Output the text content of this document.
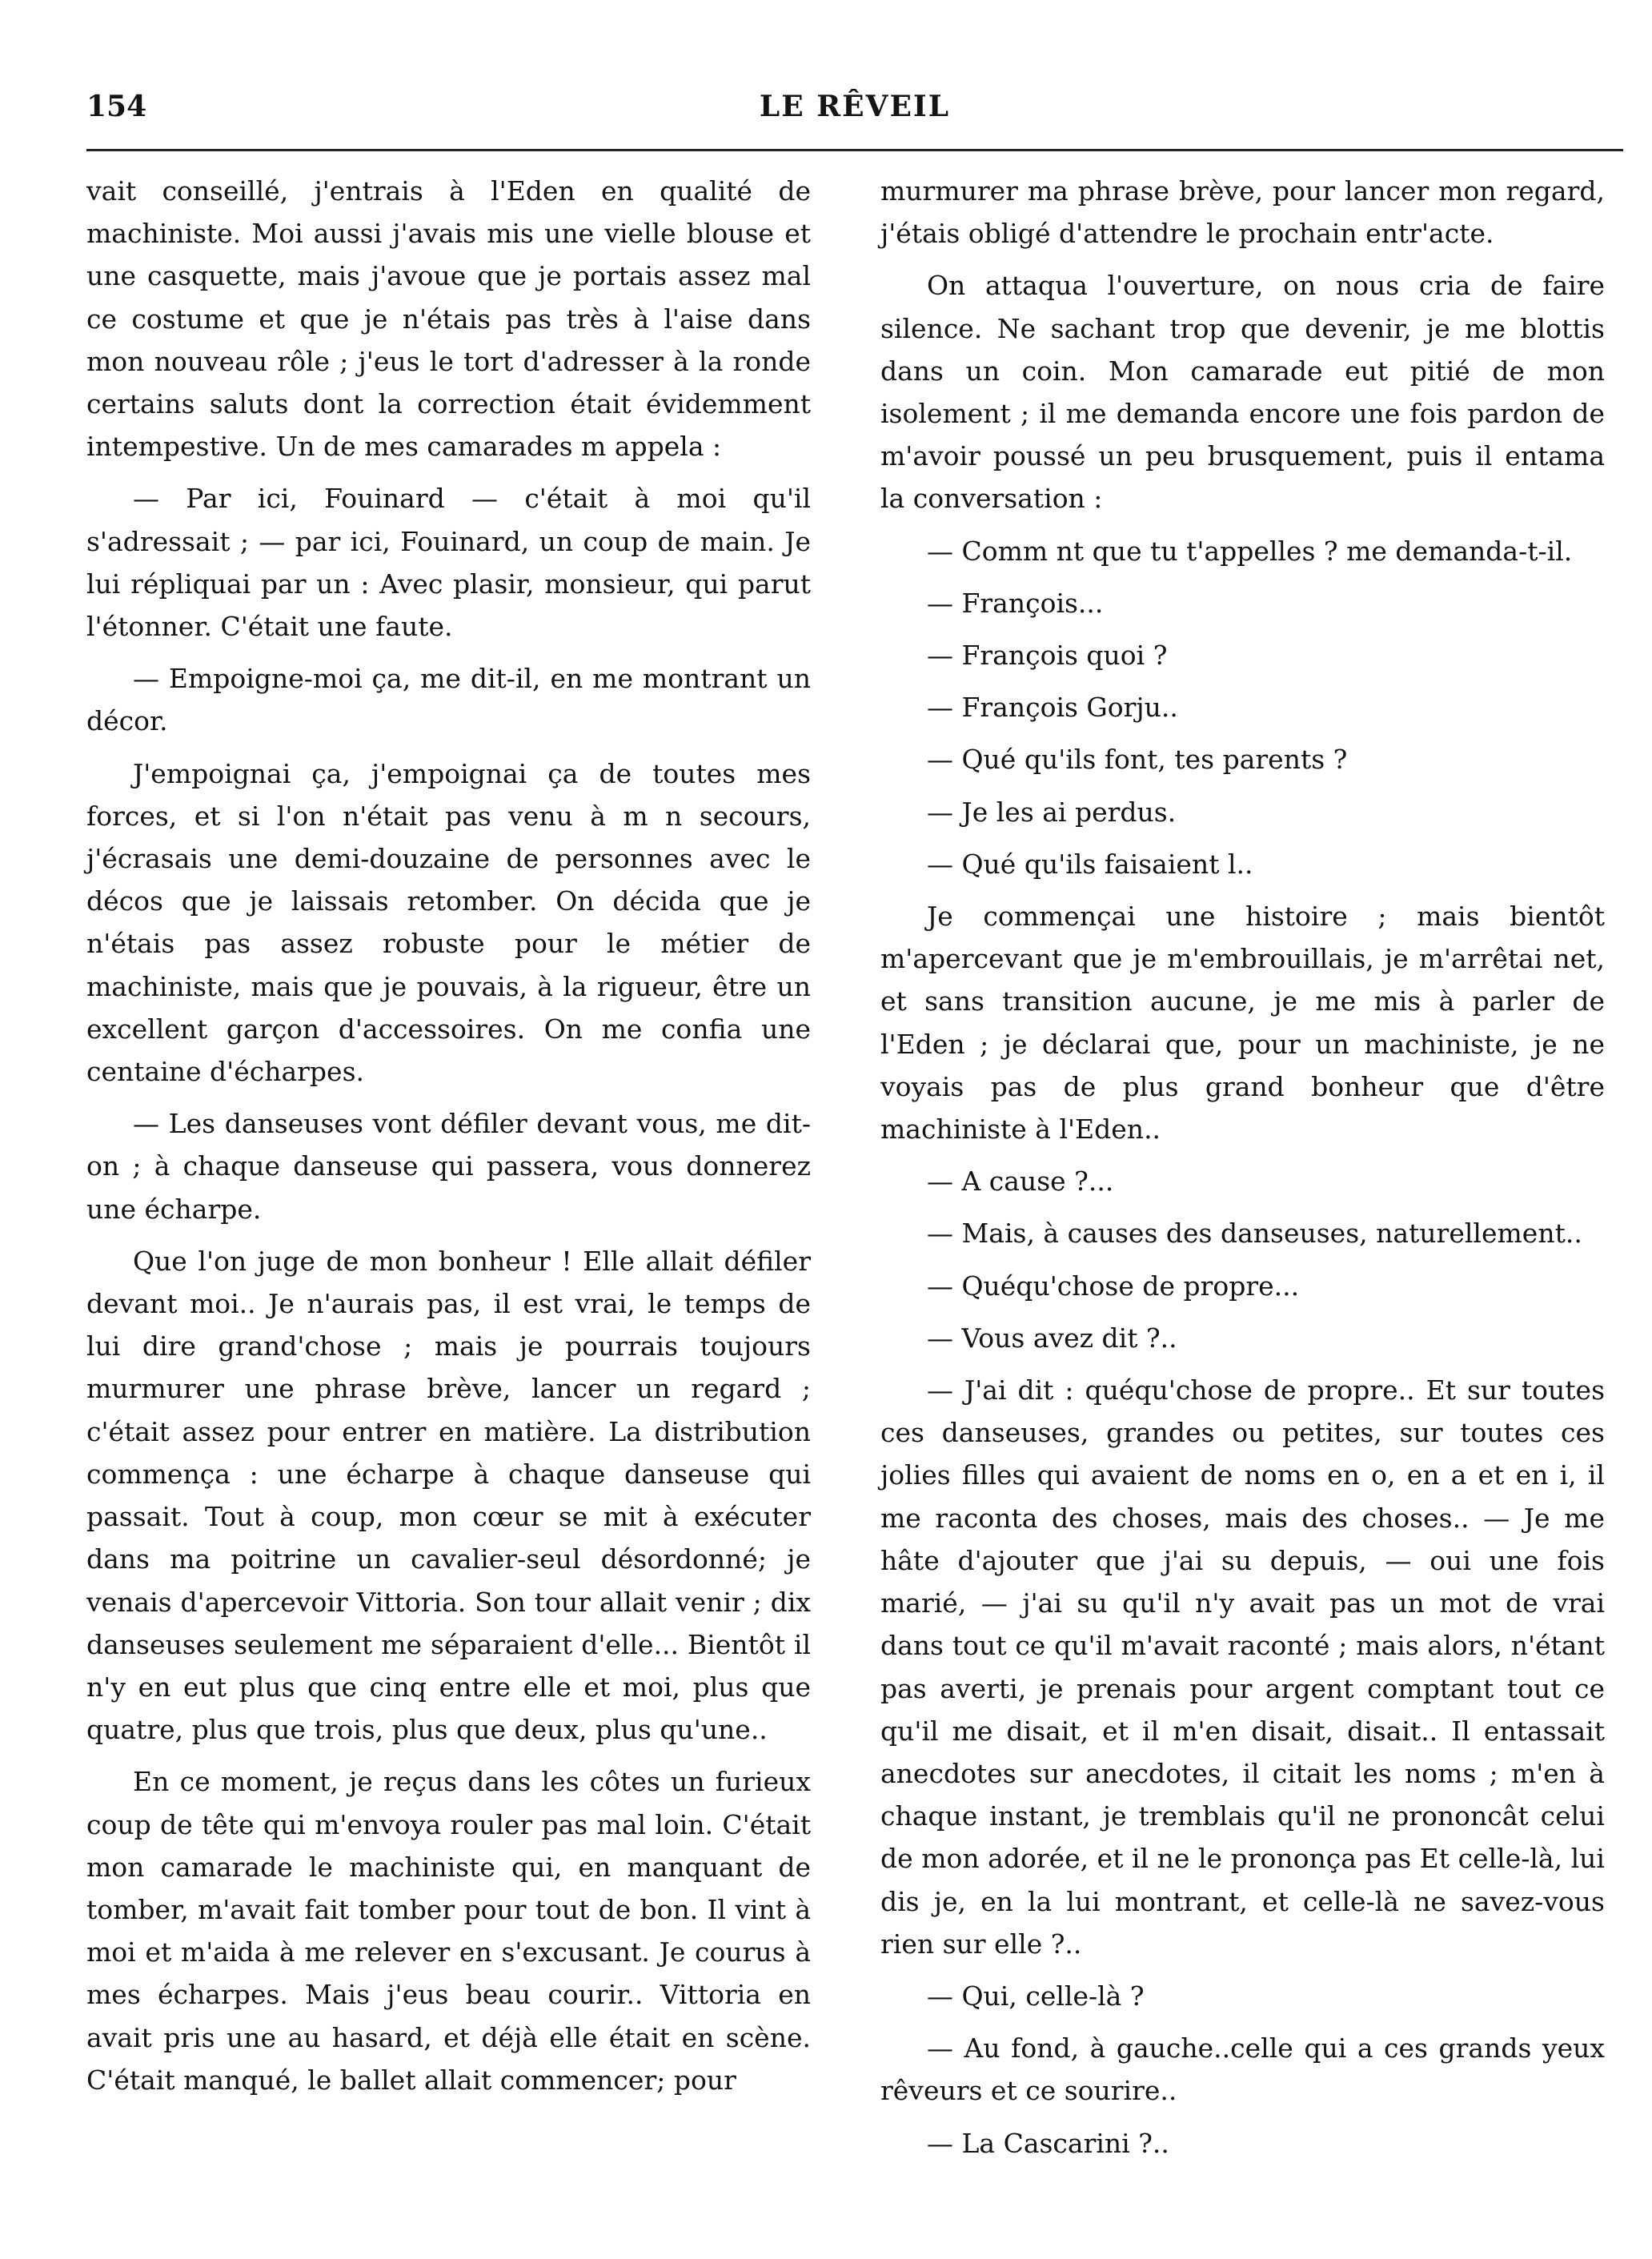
154	LE RÊVEIL

vait conseillé, j'entrais à l'Eden en qualité de machiniste. Moi aussi j'avais mis une vielle blouse et une casquette, mais j'avoue que je portais assez mal ce costume et que je n'étais pas très à l'aise dans mon nouveau rôle ; j'eus le tort d'adresser à la ronde certains saluts dont la correction était évidemment intempestive. Un de mes camarades m appela :

— Par ici, Fouinard — c'était à moi qu'il s'adressait ; — par ici, Fouinard, un coup de main. Je lui répliquai par un : Avec plasir, monsieur, qui parut l'étonner. C'était une faute.

— Empoigne-moi ça, me dit-il, en me montrant un décor.

J'empoignai ça, j'empoignai ça de toutes mes forces, et si l'on n'était pas venu à m n secours, j'écrasais une demi-douzaine de personnes avec le décos que je laissais retomber. On décida que je n'étais pas assez robuste pour le métier de machiniste, mais que je pouvais, à la rigueur, être un excellent garçon d'accessoires. On me confia une centaine d'écharpes.

— Les danseuses vont défiler devant vous, me dit-on ; à chaque danseuse qui passera, vous donnerez une écharpe.

Que l'on juge de mon bonheur ! Elle allait défiler devant moi.. Je n'aurais pas, il est vrai, le temps de lui dire grand'chose ; mais je pourrais toujours murmurer une phrase brève, lancer un regard ; c'était assez pour entrer en matière. La distribution commença : une écharpe à chaque danseuse qui passait. Tout à coup, mon cœur se mit à exécuter dans ma poitrine un cavalier-seul désordonné; je venais d'apercevoir Vittoria. Son tour allait venir ; dix danseuses seulement me séparaient d'elle... Bientôt il n'y en eut plus que cinq entre elle et moi, plus que quatre, plus que trois, plus que deux, plus qu'une..

En ce moment, je reçus dans les côtes un furieux coup de tête qui m'envoya rouler pas mal loin. C'était mon camarade le machiniste qui, en manquant de tomber, m'avait fait tomber pour tout de bon. Il vint à moi et m'aida à me relever en s'excusant. Je courus à mes écharpes. Mais j'eus beau courir.. Vittoria en avait pris une au hasard, et déjà elle était en scène. C'était manqué, le ballet allait commencer; pour

murmurer ma phrase brève, pour lancer mon regard, j'étais obligé d'attendre le prochain entr'acte.

On attaqua l'ouverture, on nous cria de faire silence. Ne sachant trop que devenir, je me blottis dans un coin. Mon camarade eut pitié de mon isolement ; il me demanda encore une fois pardon de m'avoir poussé un peu brusquement, puis il entama la conversation :

— Comm nt que tu t'appelles ? me demanda-t-il.

— François...

— François quoi ?

— François Gorju..

— Qué qu'ils font, tes parents ?

— Je les ai perdus.

— Qué qu'ils faisaient l..

Je commençai une histoire ; mais bientôt m'apercevant que je m'embrouillais, je m'arrêtai net, et sans transition aucune, je me mis à parler de l'Eden ; je déclarai que, pour un machiniste, je ne voyais pas de plus grand bonheur que d'être machiniste à l'Eden..

— A cause ?...

— Mais, à causes des danseuses, naturellement..

— Quéqu'chose de propre...

— Vous avez dit ?..

— J'ai dit : quéqu'chose de propre.. Et sur toutes ces danseuses, grandes ou petites, sur toutes ces jolies filles qui avaient de noms en o, en a et en i, il me raconta des choses, mais des choses.. — Je me hâte d'ajouter que j'ai su depuis, — oui une fois marié, — j'ai su qu'il n'y avait pas un mot de vrai dans tout ce qu'il m'avait raconté ; mais alors, n'étant pas averti, je prenais pour argent comptant tout ce qu'il me disait, et il m'en disait, disait.. Il entassait anecdotes sur anecdotes, il citait les noms ; m'en à chaque instant, je tremblais qu'il ne prononcât celui de mon adorée, et il ne le prononça pas Et celle-là, lui dis je, en la lui montrant, et celle-là ne savez-vous rien sur elle ?..

— Qui, celle-là ?

— Au fond, à gauche..celle qui a ces grands yeux rêveurs et ce sourire..

— La Cascarini ?..
